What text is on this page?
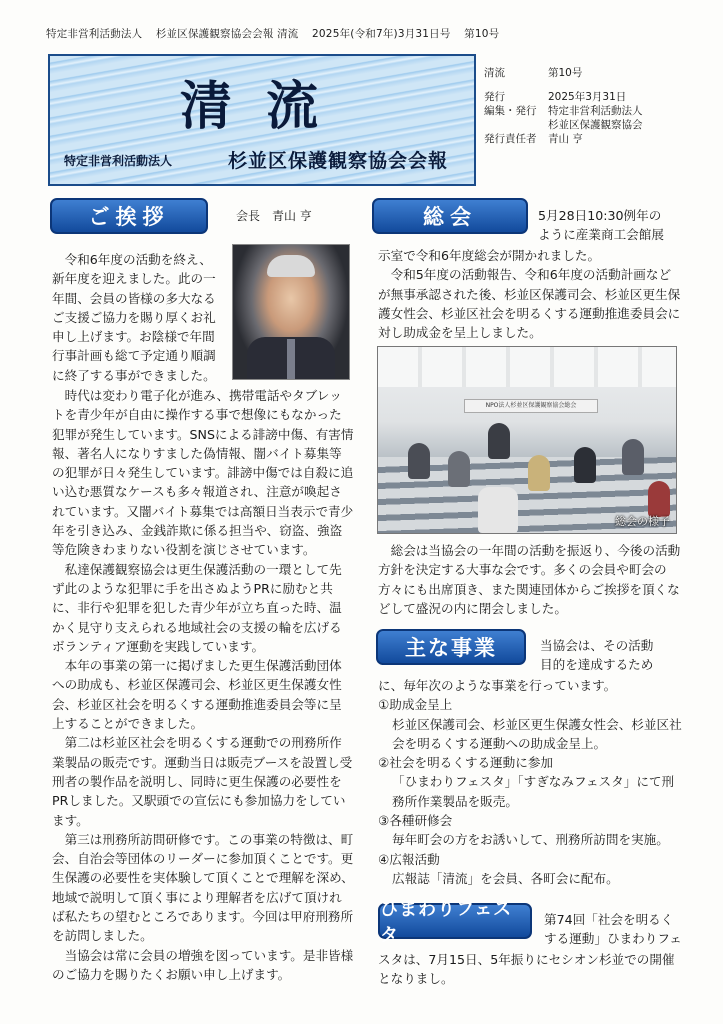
特定非営利活動法人 杉並区保護観察協会会報 清流 2025年(令和7年)3月31日号 第10号
清流
特定非営利活動法人	杉並区保護観察協会会報
清流	第10号
発行	2025年3月31日
編集・発行	特定非営利活動法人
杉並区保護観察協会
発行責任者	青山 亨
ご挨拶	会長　青山 亨

令和6年度の活動を終え、

新年度を迎えました。此の一

年間、会員の皆様の多大なる

ご支援ご協力を賜り厚くお礼

申し上げます。お陰様で年間

行事計画も総て予定通り順調

に終了する事ができました。

時代は変わり電子化が進み、携帯電話やタブレットを青少年が自由に操作する事で想像にもなかった犯罪が発生しています。SNSによる誹謗中傷、有害情報、著名人になりすました偽情報、闇バイト募集等の犯罪が日々発生しています。誹謗中傷では自殺に追い込む悪質なケースも多々報道され、注意が喚起されています。又闇バイト募集では高額日当表示で青少年を引き込み、金銭詐欺に係る担当や、窃盗、強盗等危険きわまりない役割を演じさせています。

私達保護観察協会は更生保護活動の一環として先ず此のような犯罪に手を出さぬようPRに励むと共に、非行や犯罪を犯した青少年が立ち直った時、温かく見守り支えられる地域社会の支援の輪を広げるボランティア運動を実践しています。

本年の事業の第一に掲げました更生保護活動団体への助成も、杉並区保護司会、杉並区更生保護女性会、杉並区社会を明るくする運動推進委員会等に呈上することができました。

第二は杉並区社会を明るくする運動での刑務所作業製品の販売です。運動当日は販売ブースを設置し受刑者の製作品を説明し、同時に更生保護の必要性をPRしました。又駅頭での宣伝にも参加協力をしています。

第三は刑務所訪問研修です。この事業の特徴は、町会、自治会等団体のリーダーに参加頂くことです。更生保護の必要性を実体験して頂くことで理解を深め、地域で説明して頂く事により理解者を広げて頂ければ私たちの望むところであります。今回は甲府刑務所を訪問しました。

当協会は常に会員の増強を図っています。是非皆様のご協力を賜りたくお願い申し上げます。

総会	5月28日10:30例年の

ように産業商工会館展

示室で令和6年度総会が開かれました。

令和5年度の活動報告、令和6年度の活動計画などが無事承認された後、杉並区保護司会、杉並区更生保護女性会、杉並区社会を明るくする運動推進委員会に対し助成金を呈上しました。

NPO法人杉並区保護観察協会総会
総会の様子

総会は当協会の一年間の活動を振返り、今後の活動方針を決定する大事な会です。多くの会員や町会の方々にも出席頂き、また関連団体からご挨拶を頂くなどして盛況の内に閉会しました。

主な事業	当協会は、その活動

目的を達成するため

に、毎年次のような事業を行っています。

①助成金呈上

杉並区保護司会、杉並区更生保護女性会、杉並区社会を明るくする運動への助成金呈上。

②社会を明るくする運動に参加

「ひまわりフェスタ」「すぎなみフェスタ」にて刑務所作業製品を販売。

③各種研修会

毎年町会の方をお誘いして、刑務所訪問を実施。

④広報活動

広報誌「清流」を会員、各町会に配布。

ひまわりフェスタ

第74回「社会を明るく

する運動」ひまわりフェ

スタは、7月15日、5年振りにセシオン杉並での開催となりまし。
